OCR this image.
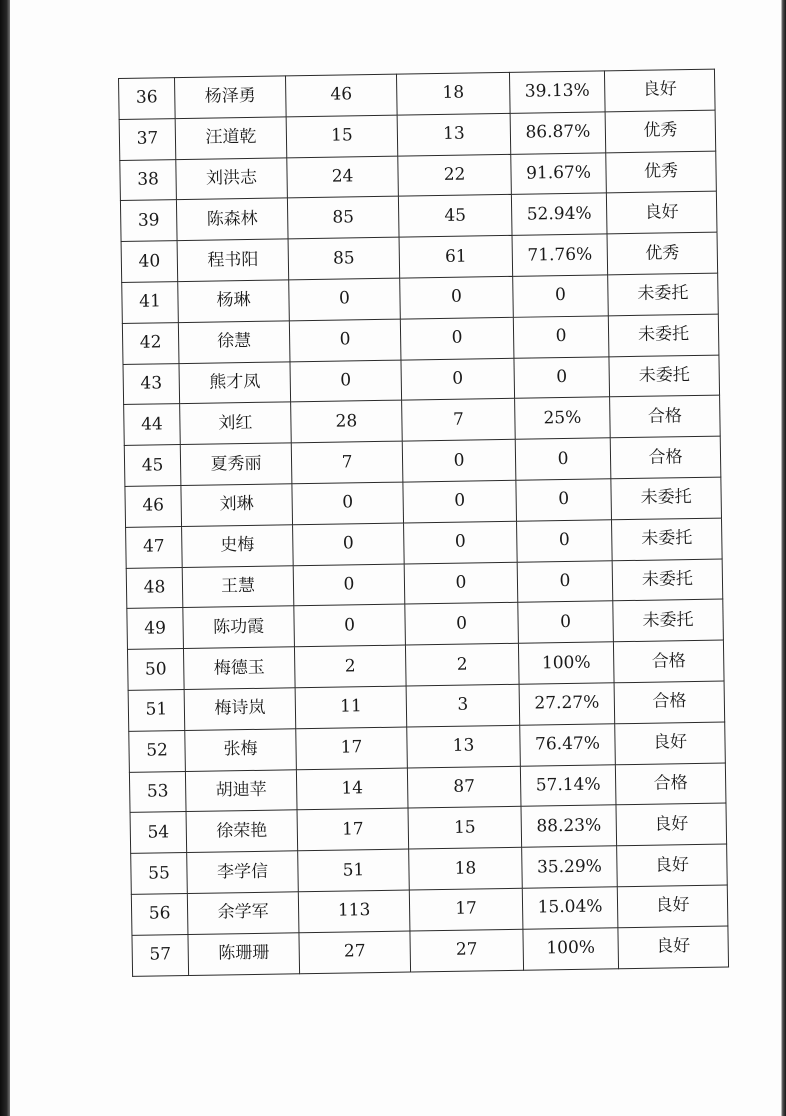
36	杨泽勇	46	18	39.13%	良好
37	汪道乾	15	13	86.87%	优秀
38	刘洪志	24	22	91.67%	优秀
39	陈森林	85	45	52.94%	良好
40	程书阳	85	61	71.76%	优秀
41	杨琳	0	0	0	未委托
42	徐慧	0	0	0	未委托
43	熊才凤	0	0	0	未委托
44	刘红	28	7	25%	合格
45	夏秀丽	7	0	0	合格
46	刘琳	0	0	0	未委托
47	史梅	0	0	0	未委托
48	王慧	0	0	0	未委托
49	陈功霞	0	0	0	未委托
50	梅德玉	2	2	100%	合格
51	梅诗岚	11	3	27.27%	合格
52	张梅	17	13	76.47%	良好
53	胡迪苹	14	87	57.14%	合格
54	徐荣艳	17	15	88.23%	良好
55	李学信	51	18	35.29%	良好
56	余学军	113	17	15.04%	良好
57	陈珊珊	27	27	100%	良好
